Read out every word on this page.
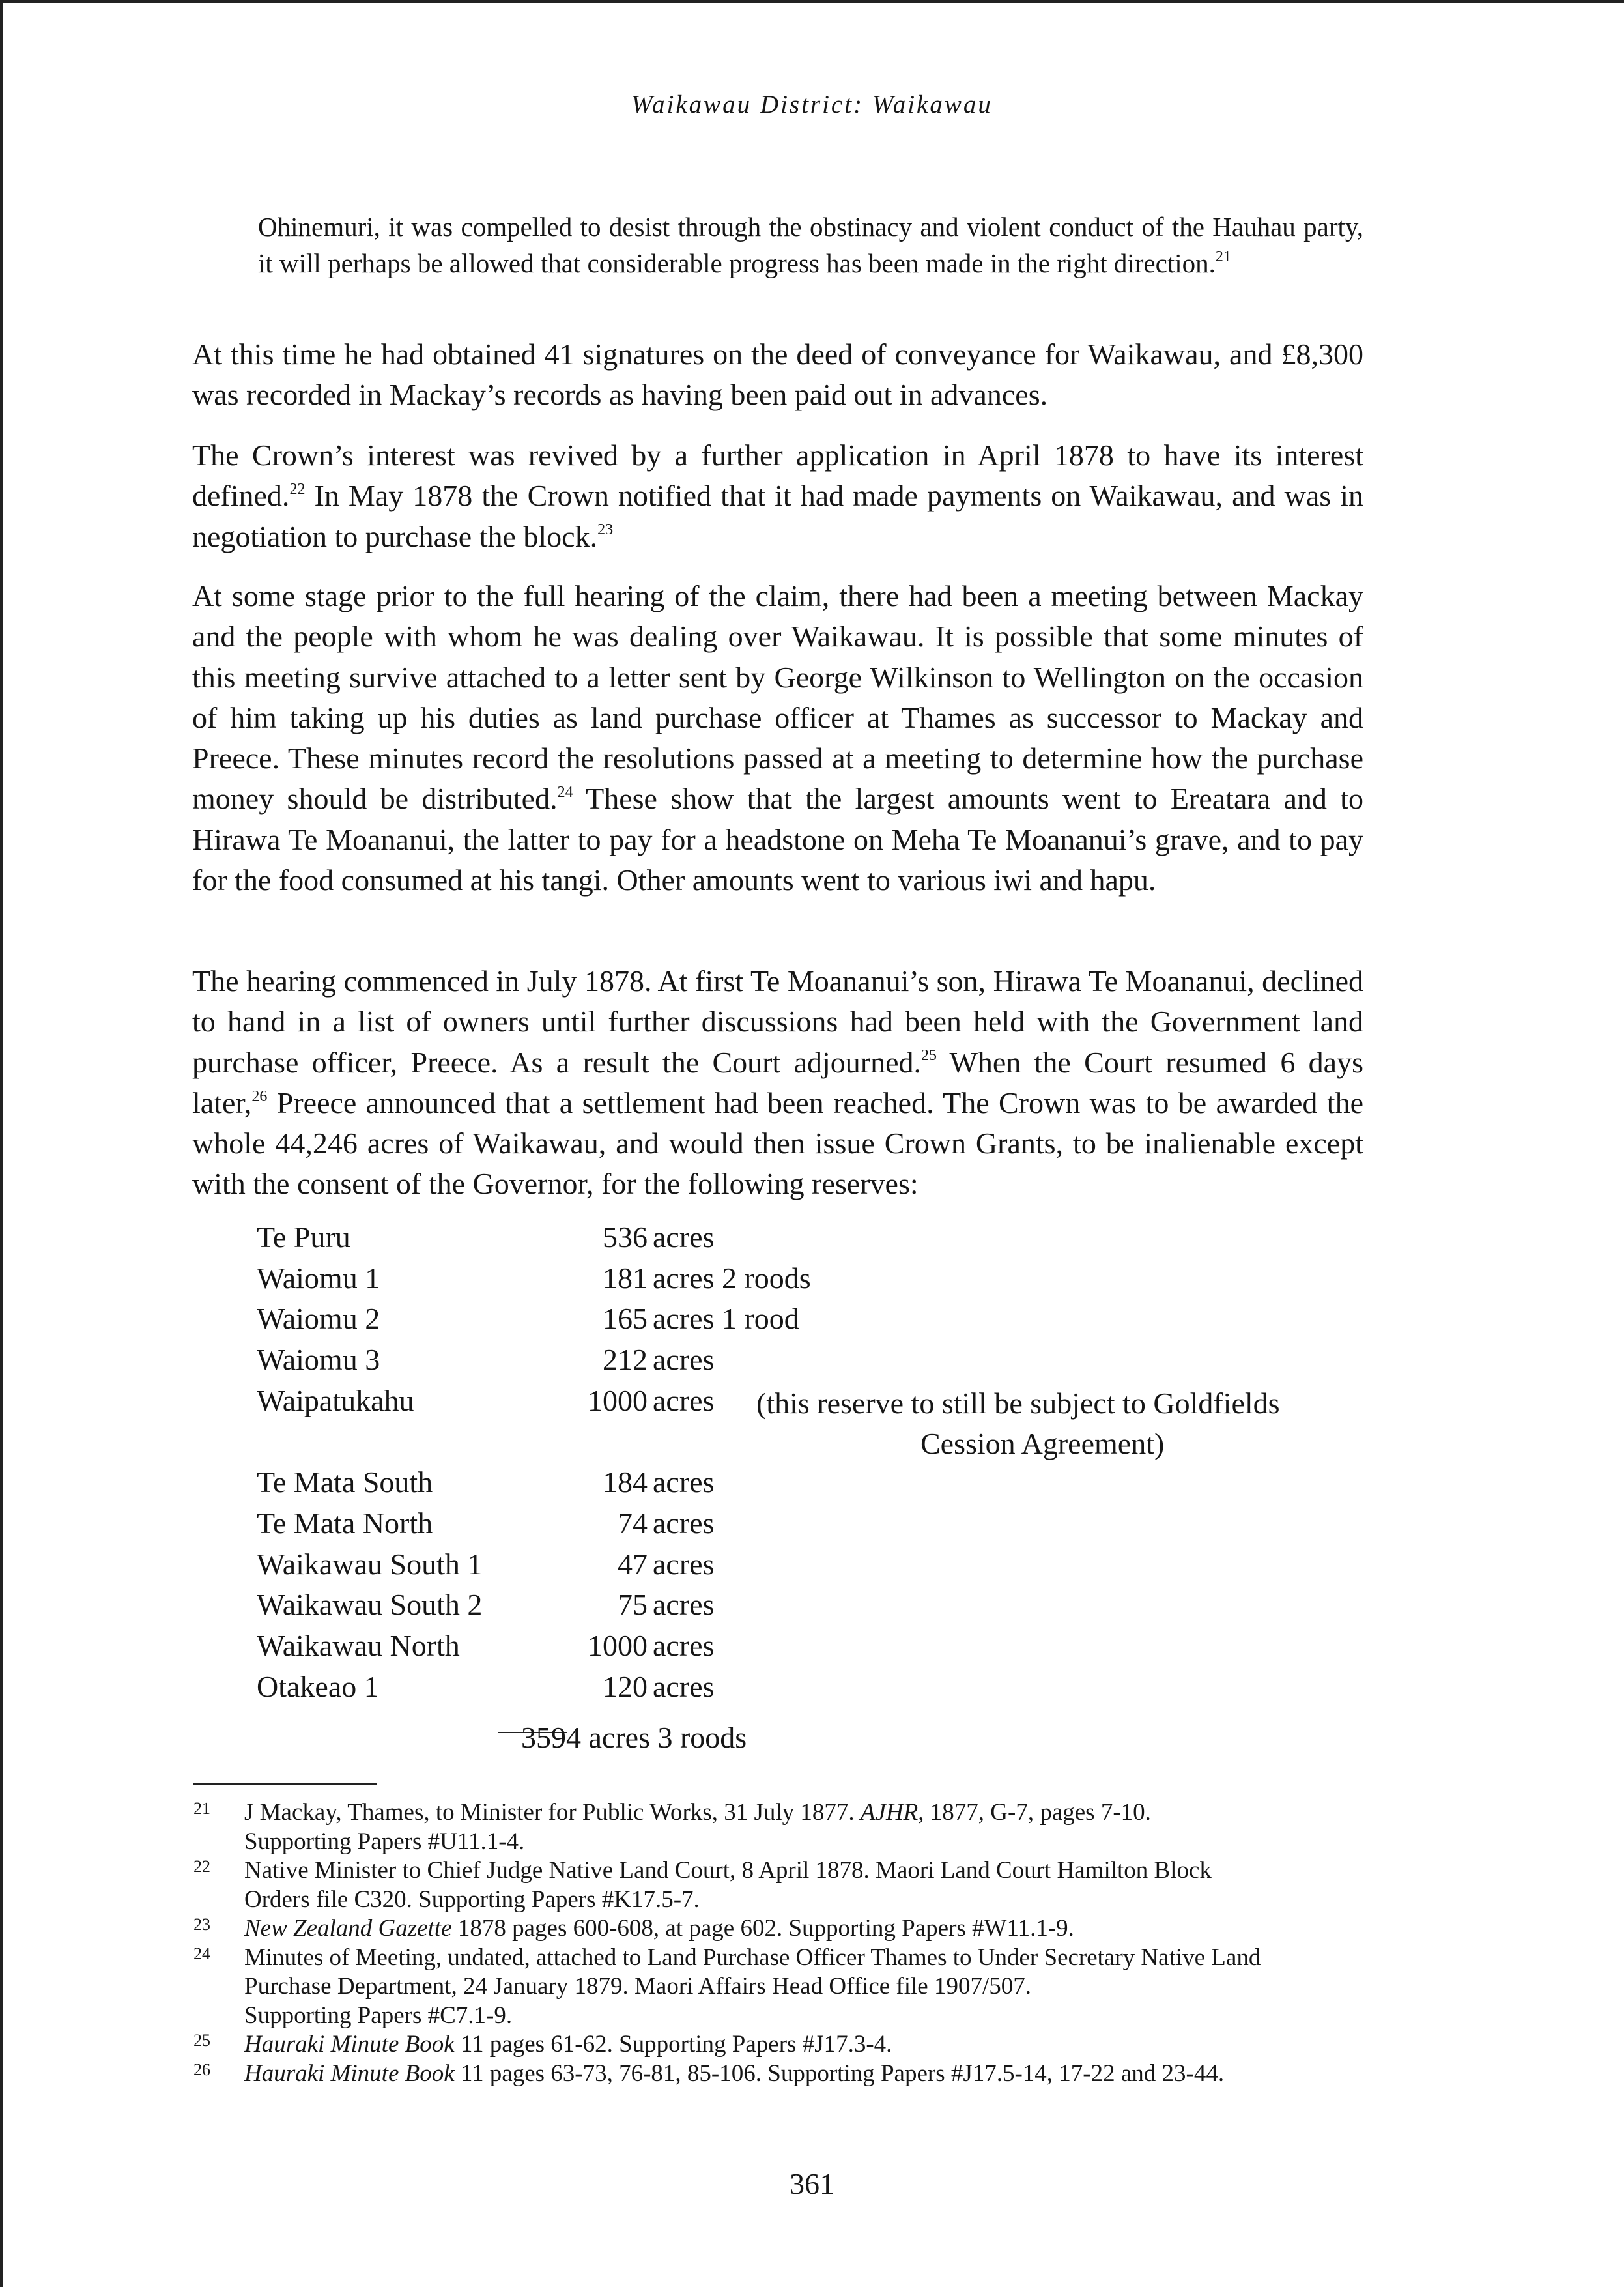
Waikawau District: Waikawau
Ohinemuri, it was compelled to desist through the obstinacy and violent conduct of the Hauhau party, it will perhaps be allowed that considerable progress has been made in the right direction.$^{21}$
At this time he had obtained 41 signatures on the deed of conveyance for Waikawau, and £8,300 was recorded in Mackay’s records as having been paid out in advances.
The Crown’s interest was revived by a further application in April 1878 to have its interest defined.$^{22}$ In May 1878 the Crown notified that it had made payments on Waikawau, and was in negotiation to purchase the block.$^{23}$
At some stage prior to the full hearing of the claim, there had been a meeting between Mackay and the people with whom he was dealing over Waikawau. It is possible that some minutes of this meeting survive attached to a letter sent by George Wilkinson to Wellington on the occasion of him taking up his duties as land purchase officer at Thames as successor to Mackay and Preece. These minutes record the resolutions passed at a meeting to determine how the purchase money should be distributed.$^{24}$ These show that the largest amounts went to Ereatara and to Hirawa Te Moananui, the latter to pay for a headstone on Meha Te Moananui’s grave, and to pay for the food consumed at his tangi. Other amounts went to various iwi and hapu.
The hearing commenced in July 1878. At first Te Moananui’s son, Hirawa Te Moananui, declined to hand in a list of owners until further discussions had been held with the Government land purchase officer, Preece. As a result the Court adjourned.$^{25}$ When the Court resumed 6 days later,$^{26}$ Preece announced that a settlement had been reached. The Crown was to be awarded the whole 44,246 acres of Waikawau, and would then issue Crown Grants, to be inalienable except with the consent of the Governor, for the following reserves:
Te Puru	536 acres
Waiomu 1	181 acres 2 roods
Waiomu 2	165 acres 1 rood
Waiomu 3	212 acres
Waipatukahu	1000 acres	(this reserve to still be subject to Goldfields
Cession Agreement)
Te Mata South	184 acres
Te Mata North	74 acres
Waikawau South 1	47 acres
Waikawau South 2	75 acres
Waikawau North	1000 acres
Otakeao 1	120 acres
3594 acres 3 roods
21 J Mackay, Thames, to Minister for Public Works, 31 July 1877. AJHR, 1877, G-7, pages 7-10.
Supporting Papers #U11.1-4.
22 Native Minister to Chief Judge Native Land Court, 8 April 1878. Maori Land Court Hamilton Block
Orders file C320. Supporting Papers #K17.5-7.
23 New Zealand Gazette 1878 pages 600-608, at page 602. Supporting Papers #W11.1-9.
24 Minutes of Meeting, undated, attached to Land Purchase Officer Thames to Under Secretary Native Land
Purchase Department, 24 January 1879. Maori Affairs Head Office file 1907/507.
Supporting Papers #C7.1-9.
25 Hauraki Minute Book 11 pages 61-62. Supporting Papers #J17.3-4.
26 Hauraki Minute Book 11 pages 63-73, 76-81, 85-106. Supporting Papers #J17.5-14, 17-22 and 23-44.
361
